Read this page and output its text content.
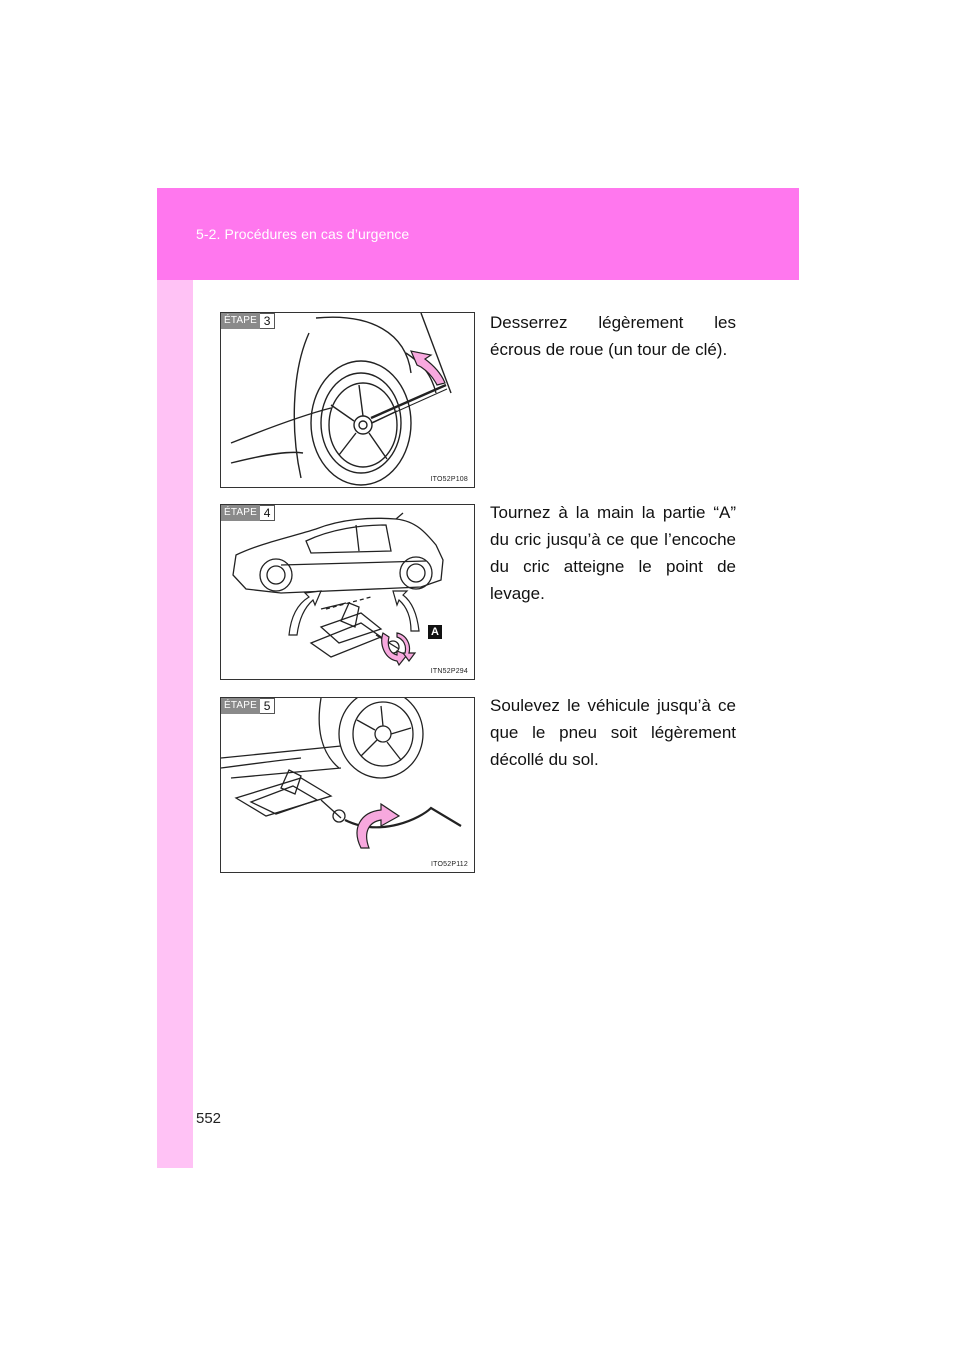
5-2. Procédures en cas d’urgence
ÉTAPE 3
ITO52P108

Desserrez légèrement les écrous de roue (un tour de clé).

ÉTAPE 4
A
ITN52P294

Tournez à la main la partie “A” du cric jusqu’à ce que l’encoche du cric atteigne le point de levage.

ÉTAPE 5
ITO52P112

Soulevez le véhicule jusqu’à ce que le pneu soit légèrement décollé du sol.

552
